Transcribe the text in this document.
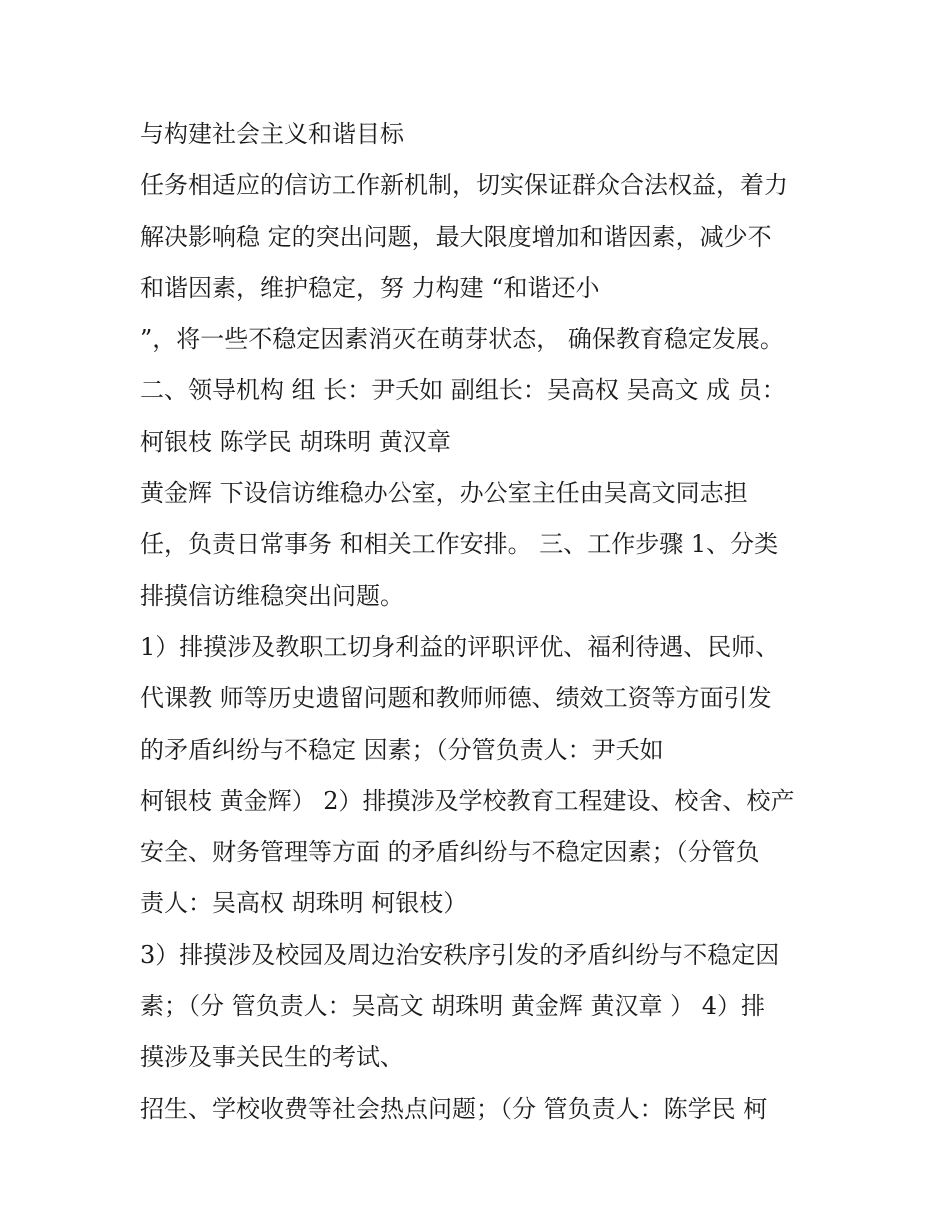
与构建社会主义和谐目标
任务相适应的信访工作新机制，切实保证群众合法权益，着力
解决影响稳 定的突出问题，最大限度增加和谐因素，减少不
和谐因素，维护稳定，努 力构建 “和谐还小
”，将一些不稳定因素消灭在萌芽状态， 确保教育稳定发展。
二、领导机构 组 长：尹夭如 副组长：吴高权 吴高文 成 员：
柯银枝 陈学民 胡珠明 黄汉章
黄金辉 下设信访维稳办公室，办公室主任由吴高文同志担
任，负责日常事务 和相关工作安排。 三、工作步骤 1、分类
排摸信访维稳突出问题。
1）排摸涉及教职工切身利益的评职评优、福利待遇、民师、
代课教 师等历史遗留问题和教师师德、绩效工资等方面引发
的矛盾纠纷与不稳定 因素；（分管负责人：尹夭如
柯银枝 黄金辉） 2）排摸涉及学校教育工程建设、校舍、校产
安全、财务管理等方面 的矛盾纠纷与不稳定因素；（分管负
责人：吴高权 胡珠明 柯银枝）
3）排摸涉及校园及周边治安秩序引发的矛盾纠纷与不稳定因
素；（分 管负责人：吴高文 胡珠明 黄金辉 黄汉章 ） 4）排
摸涉及事关民生的考试、
招生、学校收费等社会热点问题；（分 管负责人：陈学民 柯
